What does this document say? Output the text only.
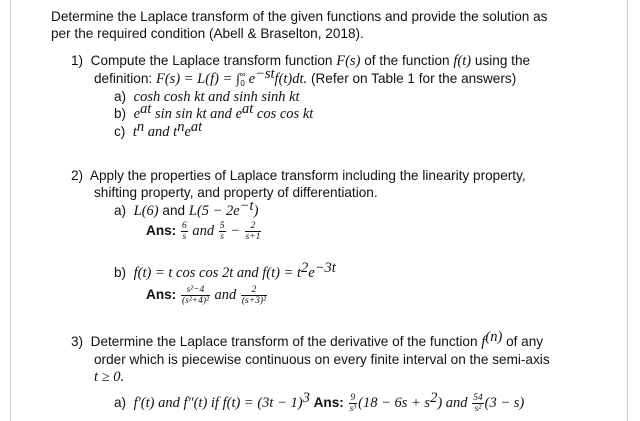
Determine the Laplace transform of the given functions and provide the solution as
per the required condition (Abell & Braselton, 2018).
1) Compute the Laplace transform function F(s) of the function f(t) using the
definition: $F(s) = L(f) = \int^\infty_0$ $e^{-st}f(t)dt$. (Refer on Table 1 for the answers)
a) cosh cosh kt and sinh sinh kt
b) $e^{at}$ sin sin kt and $e^{at}$ cos cos kt
c) $t^n$ and $t^ne^{at}$
2) Apply the properties of Laplace transform including the linearity property,
shifting property, and property of differentiation.
a) L(6) and $L(5 - 2e^{-t})$
Ans: $\frac{6}{s}$ and $\frac{5}{s} - \frac{2}{s+1}$
b) f(t) = t cos cos 2t and $f(t) = t^2e^{-3t}$
Ans: $\frac{\text{s²−4}}{\text{(s²+4)²}}$ and $\frac{2}{\text{(s+3)²}}$
3) Determine the Laplace transform of the derivative of the function $f^{(n)}$ of any
order which is piecewise continuous on every finite interval on the semi-axis
t ≥ 0.
a) f'(t) and f"(t) if $f(t) = (3t - 1)^3$ Ans: $\frac{9}{\text{s³}} (18 - 6s + s^2)$ and $\frac{54}{\text{s²}} (3 - s)$
